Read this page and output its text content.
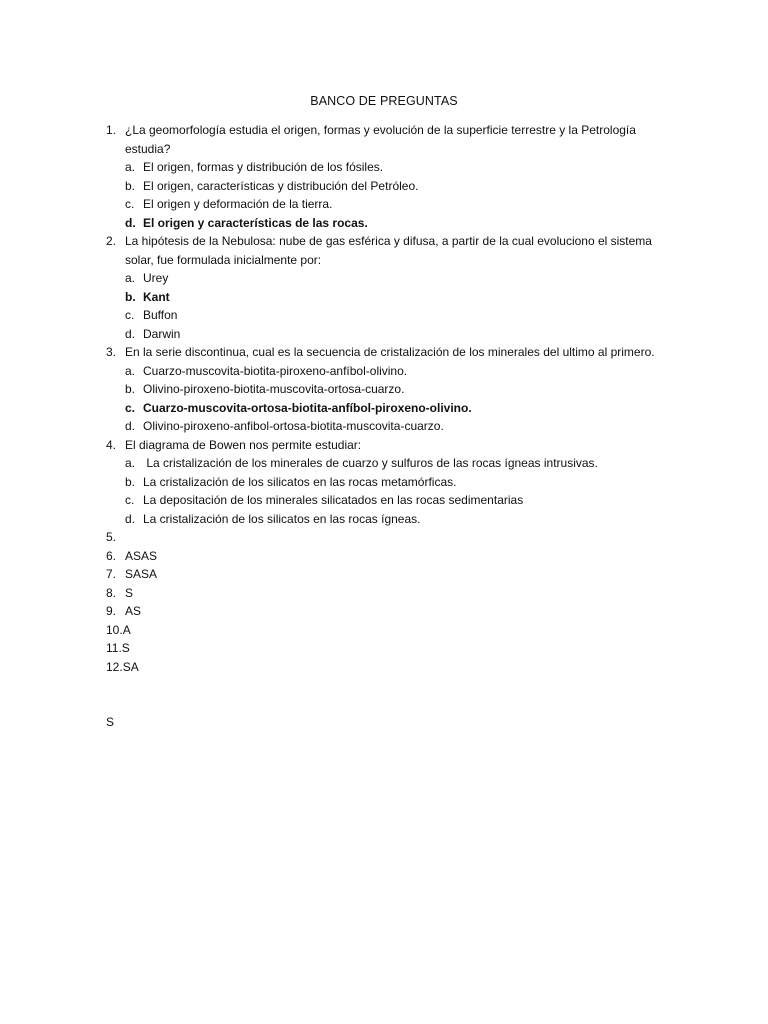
BANCO DE PREGUNTAS
1. ¿La geomorfología estudia el origen, formas y evolución de la superficie terrestre y la Petrología estudia?
a. El origen, formas y distribución de los fósiles.
b. El origen, características y distribución del Petróleo.
c. El origen y deformación de la tierra.
d. El origen y características de las rocas.
2. La hipótesis de la Nebulosa: nube de gas esférica y difusa, a partir de la cual evoluciono el sistema solar, fue formulada inicialmente por:
a. Urey
b. Kant
c. Buffon
d. Darwin
3. En la serie discontinua, cual es la secuencia de cristalización de los minerales del ultimo al primero.
a. Cuarzo-muscovita-biotita-piroxeno-anfíbol-olivino.
b. Olivino-piroxeno-biotita-muscovita-ortosa-cuarzo.
c. Cuarzo-muscovita-ortosa-biotita-anfíbol-piroxeno-olivino.
d. Olivino-piroxeno-anfibol-ortosa-biotita-muscovita-cuarzo.
4. El diagrama de Bowen nos permite estudiar:
a. La cristalización de los minerales de cuarzo y sulfuros de las rocas ígneas intrusivas.
b. La cristalización de los silicatos en las rocas metamórficas.
c. La depositación de los minerales silicatados en las rocas sedimentarias
d. La cristalización de los silicatos en las rocas ígneas.
5.

6. ASAS
7. SASA
8. S
9. AS
10.A
11.S
12.SA
S
